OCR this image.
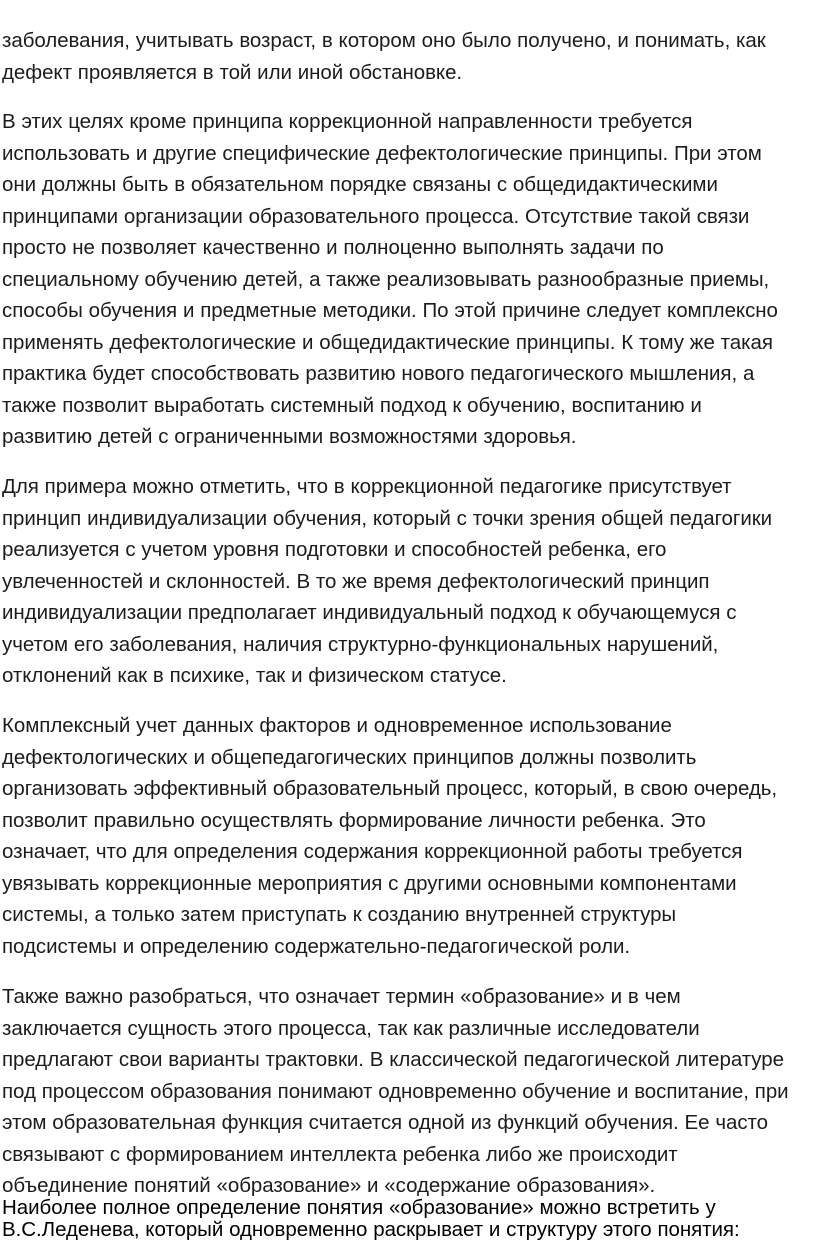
заболевания, учитывать возраст, в котором оно было получено, и понимать, как
дефект проявляется в той или иной обстановке.

В этих целях кроме принципа коррекционной направленности требуется
использовать и другие специфические дефектологические принципы. При этом
они должны быть в обязательном порядке связаны с общедидактическими
принципами организации образовательного процесса. Отсутствие такой связи
просто не позволяет качественно и полноценно выполнять задачи по
специальному обучению детей, а также реализовывать разнообразные приемы,
способы обучения и предметные методики. По этой причине следует комплексно
применять дефектологические и общедидактические принципы. К тому же такая
практика будет способствовать развитию нового педагогического мышления, а
также позволит выработать системный подход к обучению, воспитанию и
развитию детей с ограниченными возможностями здоровья.

Для примера можно отметить, что в коррекционной педагогике присутствует
принцип индивидуализации обучения, который с точки зрения общей педагогики
реализуется с учетом уровня подготовки и способностей ребенка, его
увлеченностей и склонностей. В то же время дефектологический принцип
индивидуализации предполагает индивидуальный подход к обучающемуся с
учетом его заболевания, наличия структурно-функциональных нарушений,
отклонений как в психике, так и физическом статусе.

Комплексный учет данных факторов и одновременное использование
дефектологических и общепедагогических принципов должны позволить
организовать эффективный образовательный процесс, который, в свою очередь,
позволит правильно осуществлять формирование личности ребенка. Это
означает, что для определения содержания коррекционной работы требуется
увязывать коррекционные мероприятия с другими основными компонентами
системы, а только затем приступать к созданию внутренней структуры
подсистемы и определению содержательно-педагогической роли.

Также важно разобраться, что означает термин «образование» и в чем
заключается сущность этого процесса, так как различные исследователи
предлагают свои варианты трактовки. В классической педагогической литературе
под процессом образования понимают одновременно обучение и воспитание, при
этом образовательная функция считается одной из функций обучения. Ее часто
связывают с формированием интеллекта ребенка либо же происходит
объединение понятий «образование» и «содержание образования».

Наиболее полное определение понятия «образование» можно встретить у
В.С.Леденева, который одновременно раскрывает и структуру этого понятия:
